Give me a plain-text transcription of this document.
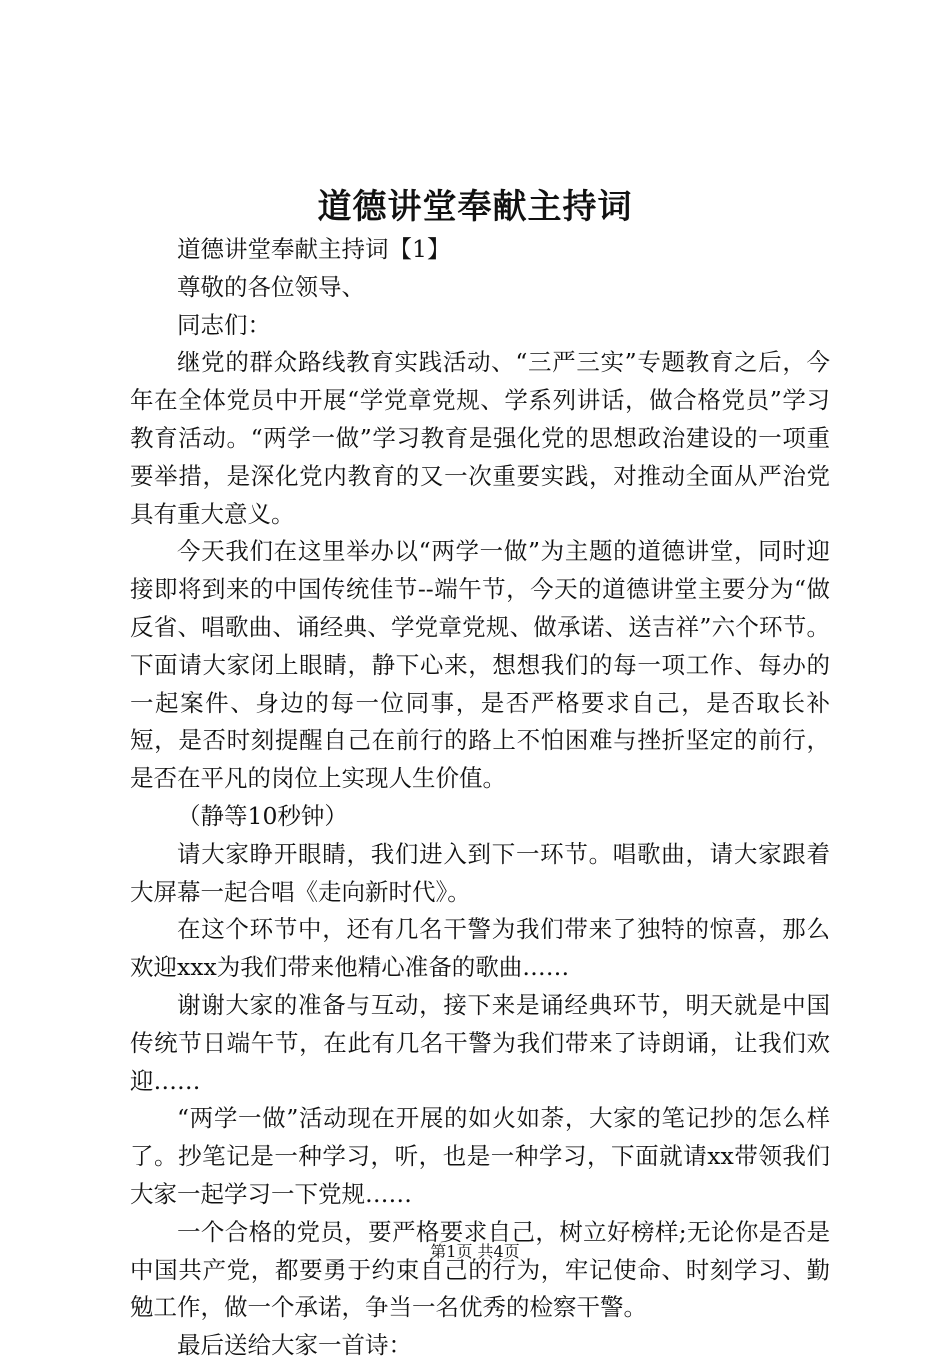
道德讲堂奉献主持词

道德讲堂奉献主持词【1】

尊敬的各位领导、

同志们：

继党的群众路线教育实践活动、“三严三实”专题教育之后，今年在全体党员中开展“学党章党规、学系列讲话，做合格党员”学习教育活动。“两学一做”学习教育是强化党的思想政治建设的一项重要举措，是深化党内教育的又一次重要实践，对推动全面从严治党具有重大意义。

今天我们在这里举办以“两学一做”为主题的道德讲堂，同时迎接即将到来的中国传统佳节--端午节，今天的道德讲堂主要分为“做反省、唱歌曲、诵经典、学党章党规、做承诺、送吉祥”六个环节。下面请大家闭上眼睛，静下心来，想想我们的每一项工作、每办的一起案件、身边的每一位同事，是否严格要求自己，是否取长补短，是否时刻提醒自己在前行的路上不怕困难与挫折坚定的前行，是否在平凡的岗位上实现人生价值。

（静等10秒钟）

请大家睁开眼睛，我们进入到下一环节。唱歌曲，请大家跟着大屏幕一起合唱《走向新时代》。

在这个环节中，还有几名干警为我们带来了独特的惊喜，那么欢迎xxx为我们带来他精心准备的歌曲……

谢谢大家的准备与互动，接下来是诵经典环节，明天就是中国传统节日端午节，在此有几名干警为我们带来了诗朗诵，让我们欢迎……

“两学一做”活动现在开展的如火如荼，大家的笔记抄的怎么样了。抄笔记是一种学习，听，也是一种学习，下面就请xx带领我们大家一起学习一下党规……

一个合格的党员，要严格要求自己，树立好榜样;无论你是否是中国共产党，都要勇于约束自己的行为，牢记使命、时刻学习、勤勉工作，做一个承诺，争当一名优秀的检察干警。

最后送给大家一首诗：

第1页 共4页
